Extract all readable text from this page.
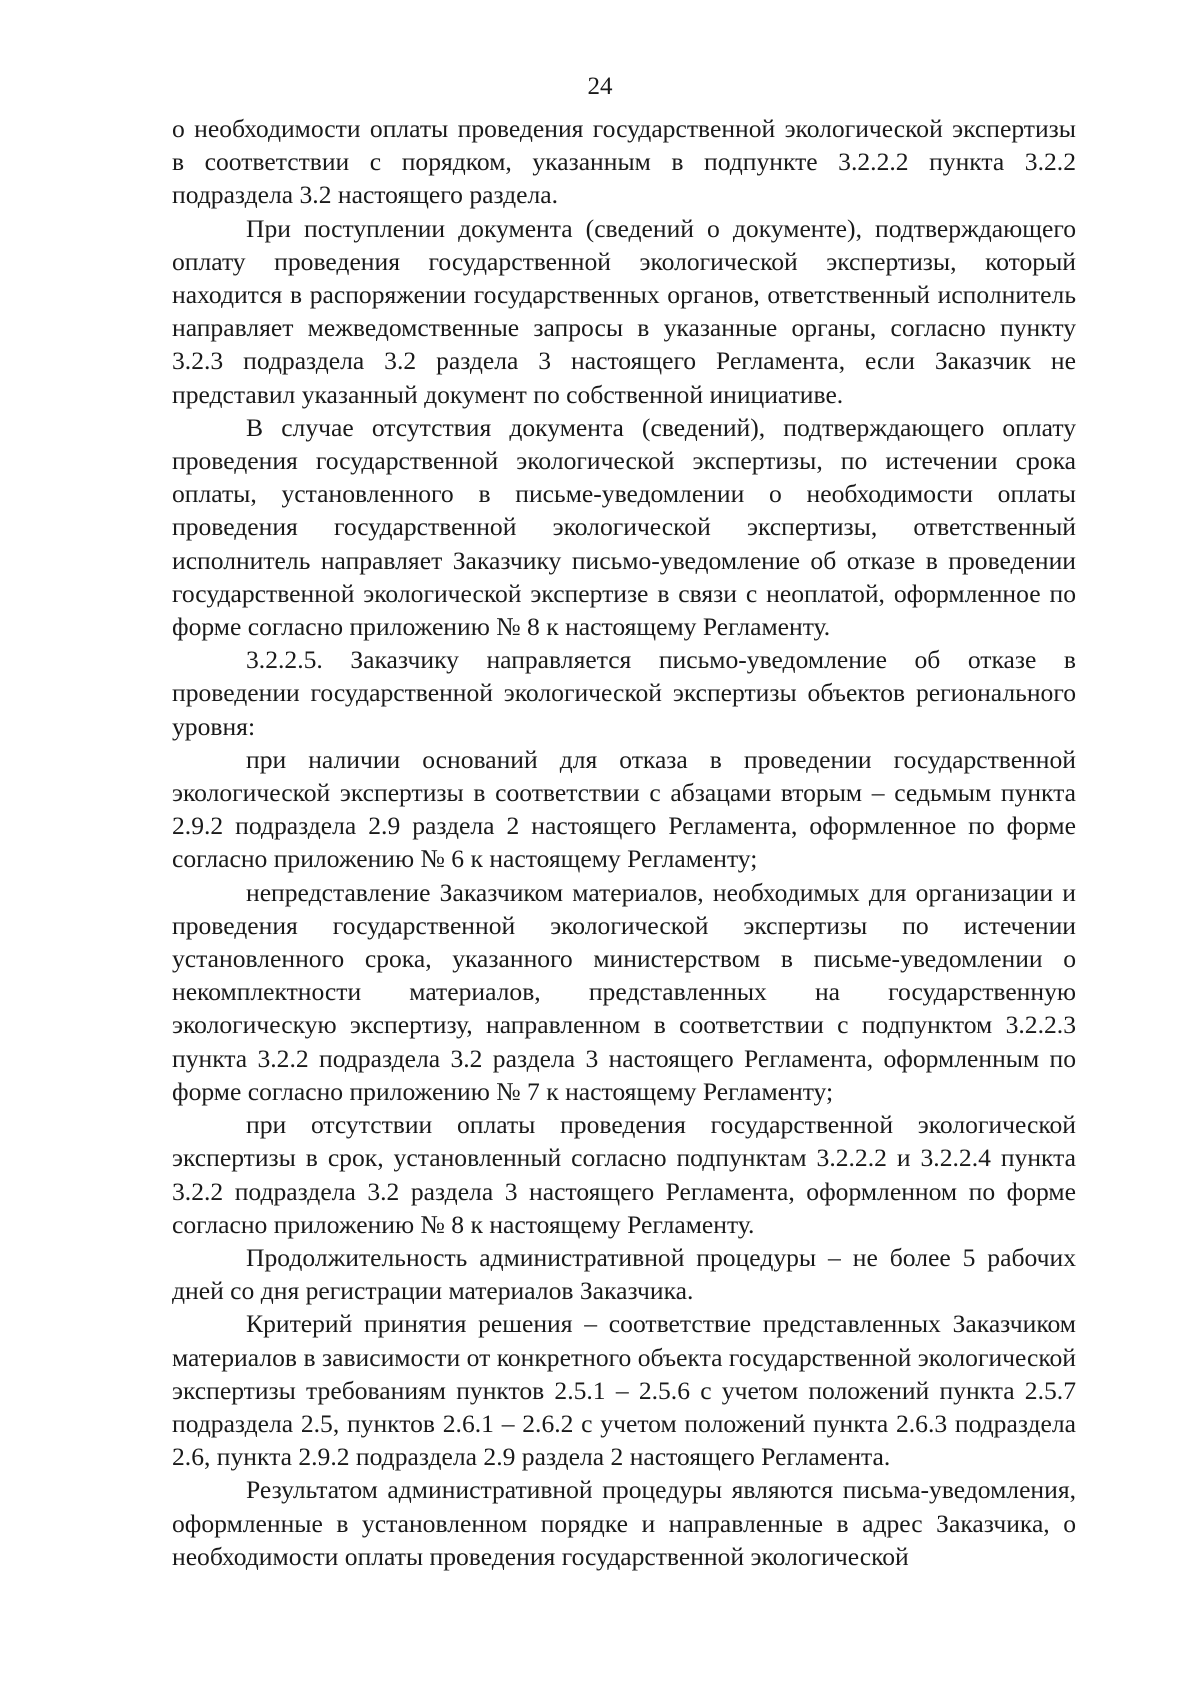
24

о необходимости оплаты проведения государственной экологической экспертизы в соответствии с порядком, указанным в подпункте 3.2.2.2 пункта 3.2.2 подраздела 3.2 настоящего раздела.

При поступлении документа (сведений о документе), подтверждающего оплату проведения государственной экологической экспертизы, который находится в распоряжении государственных органов, ответственный исполнитель направляет межведомственные запросы в указанные органы, согласно пункту 3.2.3 подраздела 3.2 раздела 3 настоящего Регламента, если Заказчик не представил указанный документ по собственной инициативе.

В случае отсутствия документа (сведений), подтверждающего оплату проведения государственной экологической экспертизы, по истечении срока оплаты, установленного в письме-уведомлении о необходимости оплаты проведения государственной экологической экспертизы, ответственный исполнитель направляет Заказчику письмо-уведомление об отказе в проведении государственной экологической экспертизе в связи с неоплатой, оформленное по форме согласно приложению № 8 к настоящему Регламенту.

3.2.2.5. Заказчику направляется письмо-уведомление об отказе в проведении государственной экологической экспертизы объектов регионального уровня:

при наличии оснований для отказа в проведении государственной экологической экспертизы в соответствии с абзацами вторым – седьмым пункта 2.9.2 подраздела 2.9 раздела 2 настоящего Регламента, оформленное по форме согласно приложению № 6 к настоящему Регламенту;

непредставление Заказчиком материалов, необходимых для организации и проведения государственной экологической экспертизы по истечении установленного срока, указанного министерством в письме-уведомлении о некомплектности материалов, представленных на государственную экологическую экспертизу, направленном в соответствии с подпунктом 3.2.2.3 пункта 3.2.2 подраздела 3.2 раздела 3 настоящего Регламента, оформленным по форме согласно приложению № 7 к настоящему Регламенту;

при отсутствии оплаты проведения государственной экологической экспертизы в срок, установленный согласно подпунктам 3.2.2.2 и 3.2.2.4 пункта 3.2.2 подраздела 3.2 раздела 3 настоящего Регламента, оформленном по форме согласно приложению № 8 к настоящему Регламенту.

Продолжительность административной процедуры – не более 5 рабочих дней со дня регистрации материалов Заказчика.

Критерий принятия решения – соответствие представленных Заказчиком материалов в зависимости от конкретного объекта государственной экологической экспертизы требованиям пунктов 2.5.1 – 2.5.6 с учетом положений пункта 2.5.7 подраздела 2.5, пунктов 2.6.1 – 2.6.2 с учетом положений пункта 2.6.3 подраздела 2.6, пункта 2.9.2 подраздела 2.9 раздела 2 настоящего Регламента.

Результатом административной процедуры являются письма-уведомления, оформленные в установленном порядке и направленные в адрес Заказчика, о необходимости оплаты проведения государственной экологической
